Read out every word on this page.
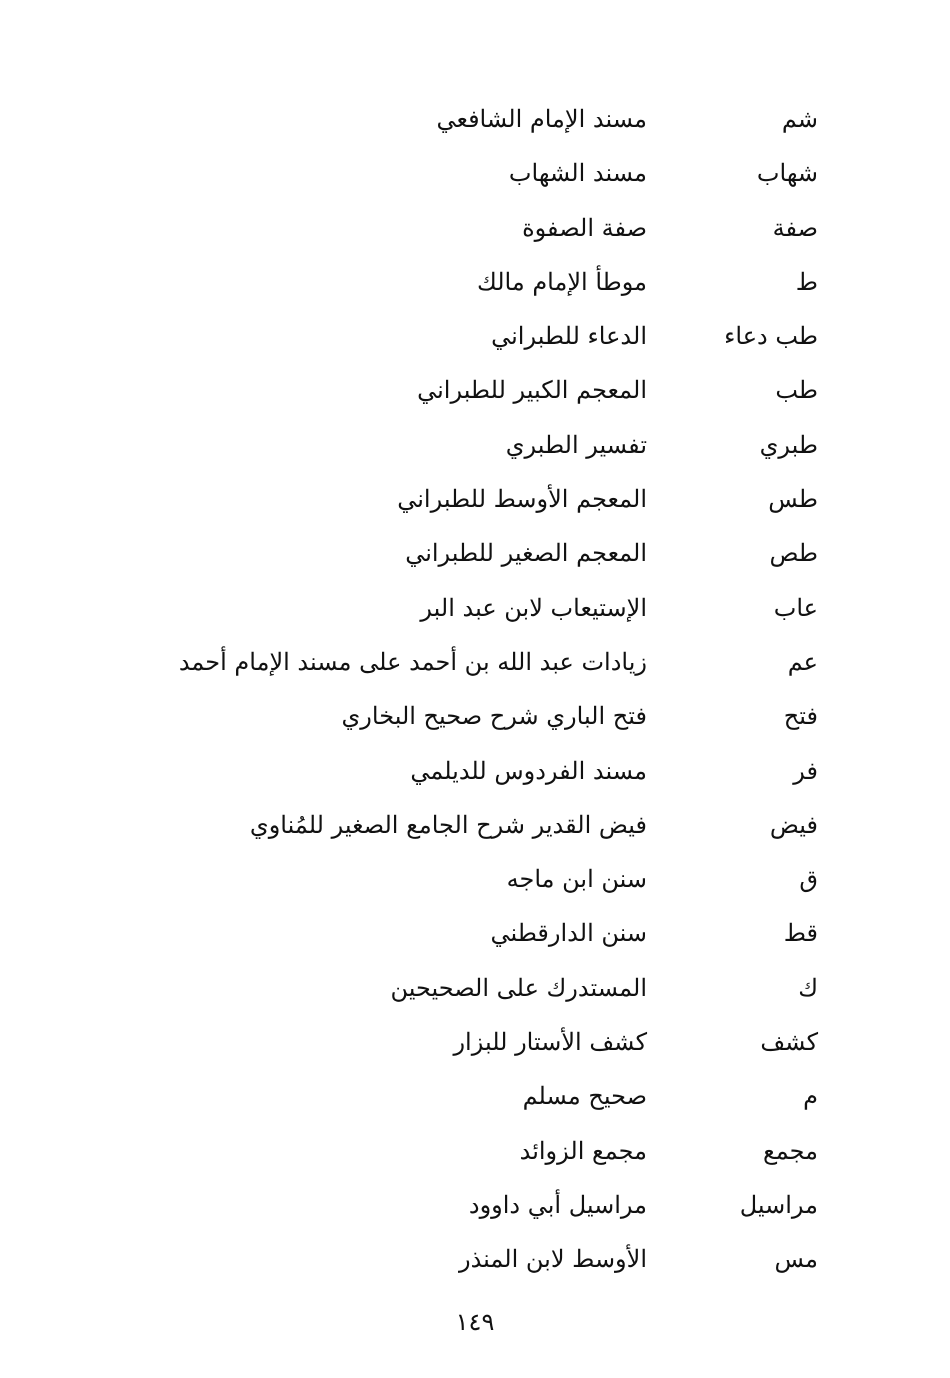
شم
مسند الإمام الشافعي
شهاب
مسند الشهاب
صفة
صفة الصفوة
ط
موطأ الإمام مالك
طب دعاء
الدعاء للطبراني
طب
المعجم الكبير للطبراني
طبري
تفسير الطبري
طس
المعجم الأوسط للطبراني
طص
المعجم الصغير للطبراني
عاب
الإستيعاب لابن عبد البر
عم
زيادات عبد الله بن أحمد على مسند الإمام أحمد
فتح
فتح الباري شرح صحيح البخاري
فر
مسند الفردوس للديلمي
فيض
فيض القدير شرح الجامع الصغير للمُناوي
ق
سنن ابن ماجه
قط
سنن الدارقطني
ك
المستدرك على الصحيحين
كشف
كشف الأستار للبزار
م
صحيح مسلم
مجمع
مجمع الزوائد
مراسيل
مراسيل أبي داوود
مس
الأوسط لابن المنذر
١٤٩
